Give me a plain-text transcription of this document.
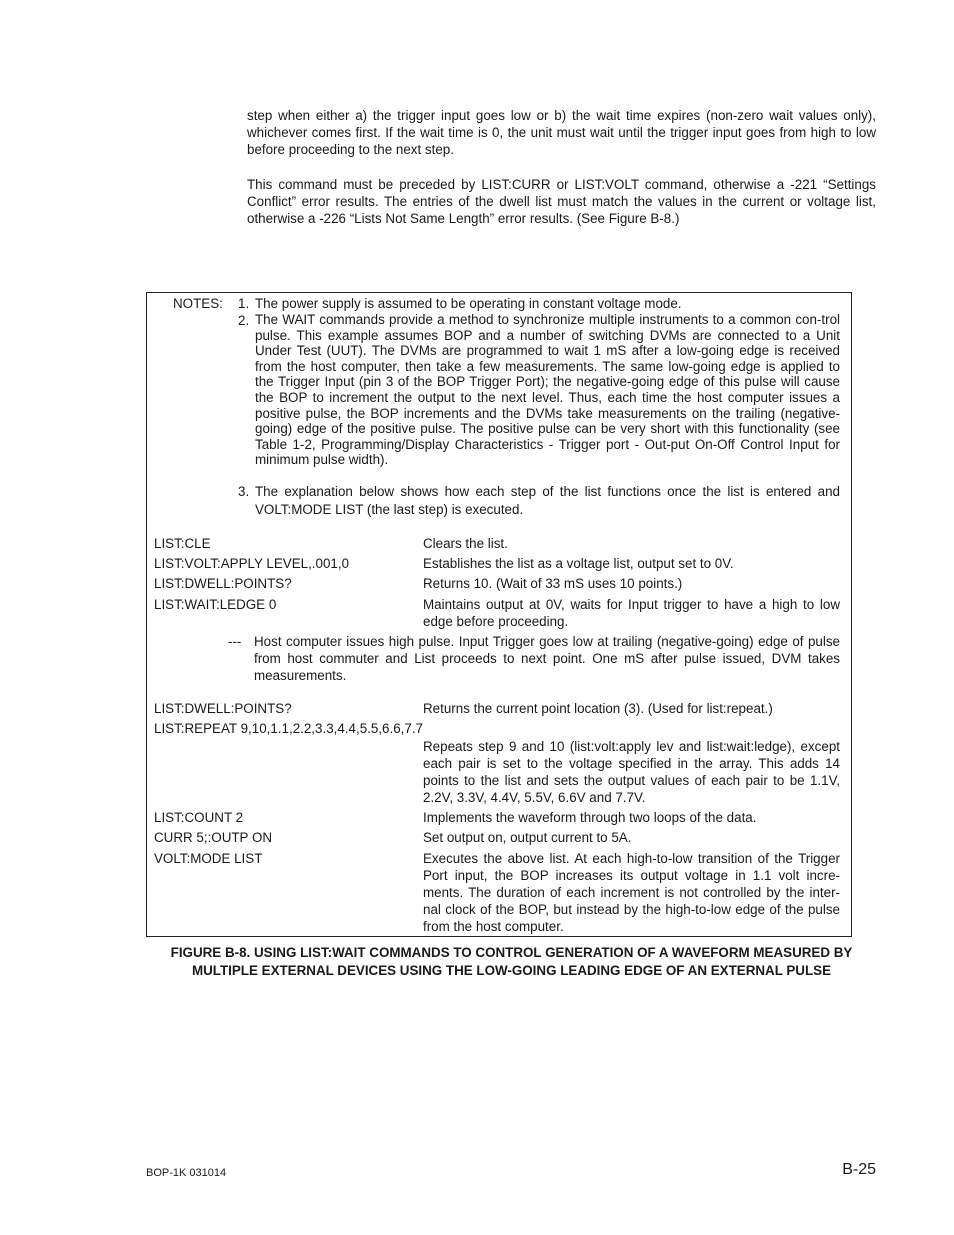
step when either a) the trigger input goes low or b) the wait time expires (non-zero wait values only), whichever comes first. If the wait time is 0, the unit must wait until the trigger input goes from high to low before proceeding to the next step.

This command must be preceded by LIST:CURR or LIST:VOLT command, otherwise a -221 “Settings Conflict” error results. The entries of the dwell list must match the values in the current or voltage list, otherwise a -226 “Lists Not Same Length” error results. (See Figure B-8.)

NOTES: 1. The power supply is assumed to be operating in constant voltage mode.
2. The WAIT commands provide a method to synchronize multiple instruments to a common con-trol pulse. This example assumes BOP and a number of switching DVMs are connected to a Unit Under Test (UUT). The DVMs are programmed to wait 1 mS after a low-going edge is received from the host computer, then take a few measurements. The same low-going edge is applied to the Trigger Input (pin 3 of the BOP Trigger Port); the negative-going edge of this pulse will cause the BOP to increment the output to the next level. Thus, each time the host computer issues a positive pulse, the BOP increments and the DVMs take measurements on the trailing (negative-going) edge of the positive pulse. The positive pulse can be very short with this functionality (see Table 1-2, Programming/Display Characteristics - Trigger port - Out-put On-Off Control Input for minimum pulse width).

3. The explanation below shows how each step of the list functions once the list is entered and VOLT:MODE LIST (the last step) is executed.

LIST:CLE	Clears the list.
LIST:VOLT:APPLY LEVEL,.001,0	Establishes the list as a voltage list, output set to 0V.
LIST:DWELL:POINTS?	Returns 10. (Wait of 33 mS uses 10 points.)
LIST:WAIT:LEDGE 0	Maintains output at 0V, waits for Input trigger to have a high to low edge before proceeding.

--- Host computer issues high pulse. Input Trigger goes low at trailing (negative-going) edge of pulse from host commuter and List proceeds to next point. One mS after pulse issued, DVM takes measurements.

LIST:DWELL:POINTS?	Returns the current point location (3). (Used for list:repeat.)
LIST:REPEAT 9,10,1.1,2.2,3.3,4.4,5.5,6.6,7.7

Repeats step 9 and 10 (list:volt:apply lev and list:wait:ledge), except each pair is set to the voltage specified in the array. This adds 14 points to the list and sets the output values of each pair to be 1.1V, 2.2V, 3.3V, 4.4V, 5.5V, 6.6V and 7.7V.

LIST:COUNT 2	Implements the waveform through two loops of the data.
CURR 5;:OUTP ON	Set output on, output current to 5A.
VOLT:MODE LIST	Executes the above list. At each high-to-low transition of the Trigger Port input, the BOP increases its output voltage in 1.1 volt incre-ments. The duration of each increment is not controlled by the inter-nal clock of the BOP, but instead by the high-to-low edge of the pulse from the host computer.

FIGURE B-8. USING LIST:WAIT COMMANDS TO CONTROL GENERATION OF A WAVEFORM MEASURED BY
MULTIPLE EXTERNAL DEVICES USING THE LOW-GOING LEADING EDGE OF AN EXTERNAL PULSE
BOP-1K 031014	B-25
